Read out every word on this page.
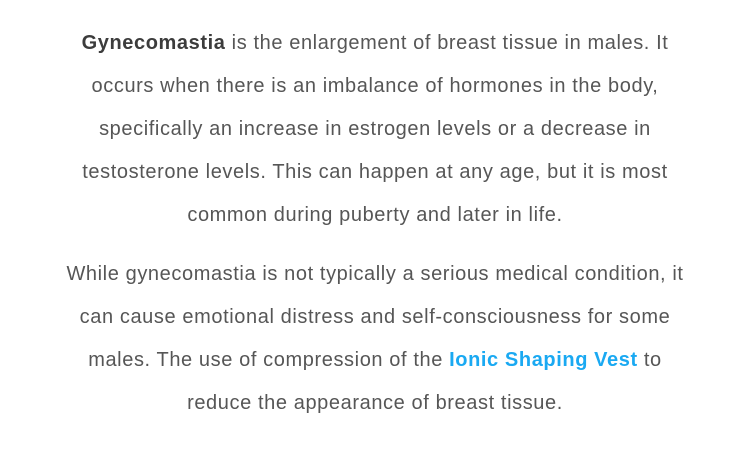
Gynecomastia is the enlargement of breast tissue in males. It
occurs when there is an imbalance of hormones in the body,
specifically an increase in estrogen levels or a decrease in
testosterone levels. This can happen at any age, but it is most
common during puberty and later in life.

While gynecomastia is not typically a serious medical condition, it
can cause emotional distress and self-consciousness for some
males. The use of compression of the Ionic Shaping Vest to
reduce the appearance of breast tissue.
